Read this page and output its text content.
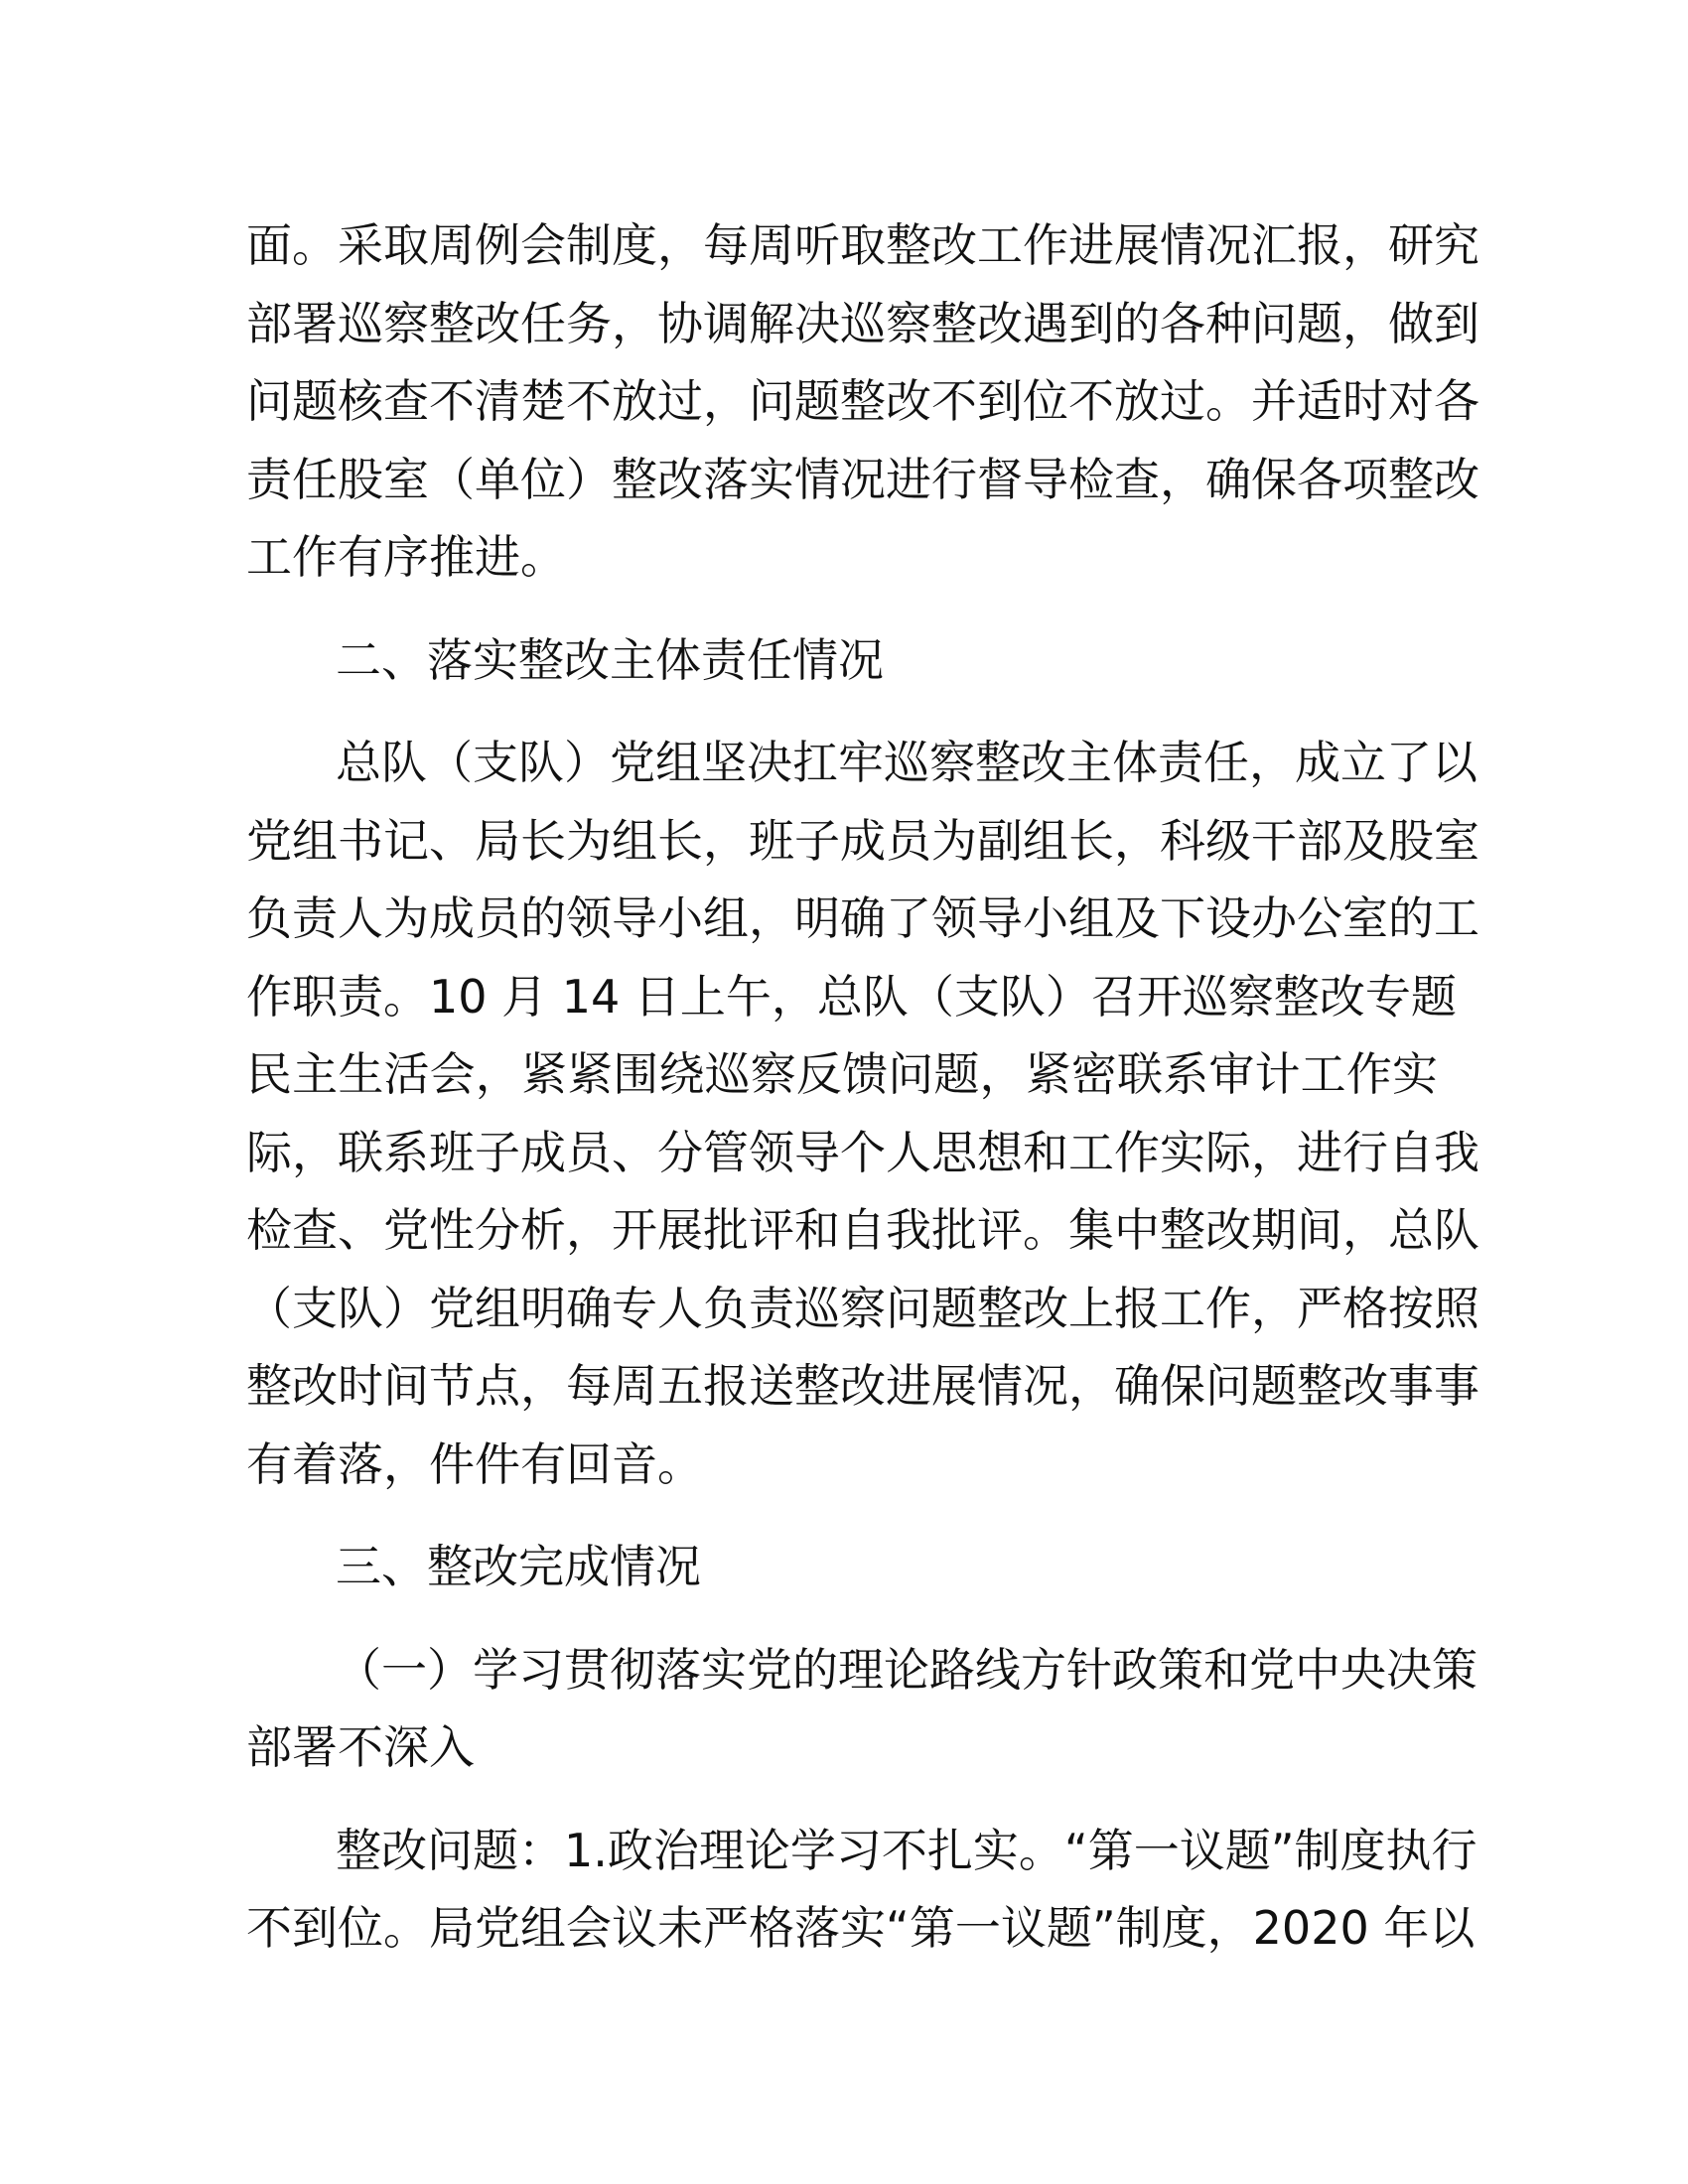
面。采取周例会制度，每周听取整改工作进展情况汇报，研究
部署巡察整改任务，协调解决巡察整改遇到的各种问题，做到
问题核查不清楚不放过，问题整改不到位不放过。并适时对各
责任股室（单位）整改落实情况进行督导检查，确保各项整改
工作有序推进。
二、落实整改主体责任情况
总队（支队）党组坚决扛牢巡察整改主体责任，成立了以
党组书记、局长为组长，班子成员为副组长，科级干部及股室
负责人为成员的领导小组，明确了领导小组及下设办公室的工
作职责。10 月 14 日上午，总队（支队）召开巡察整改专题
民主生活会，紧紧围绕巡察反馈问题，紧密联系审计工作实
际，联系班子成员、分管领导个人思想和工作实际，进行自我
检查、党性分析，开展批评和自我批评。集中整改期间，总队
（支队）党组明确专人负责巡察问题整改上报工作，严格按照
整改时间节点，每周五报送整改进展情况，确保问题整改事事
有着落，件件有回音。
三、整改完成情况
（一）学习贯彻落实党的理论路线方针政策和党中央决策
部署不深入
整改问题：1.政治理论学习不扎实。“第一议题”制度执行
不到位。局党组会议未严格落实“第一议题”制度，2020 年以
